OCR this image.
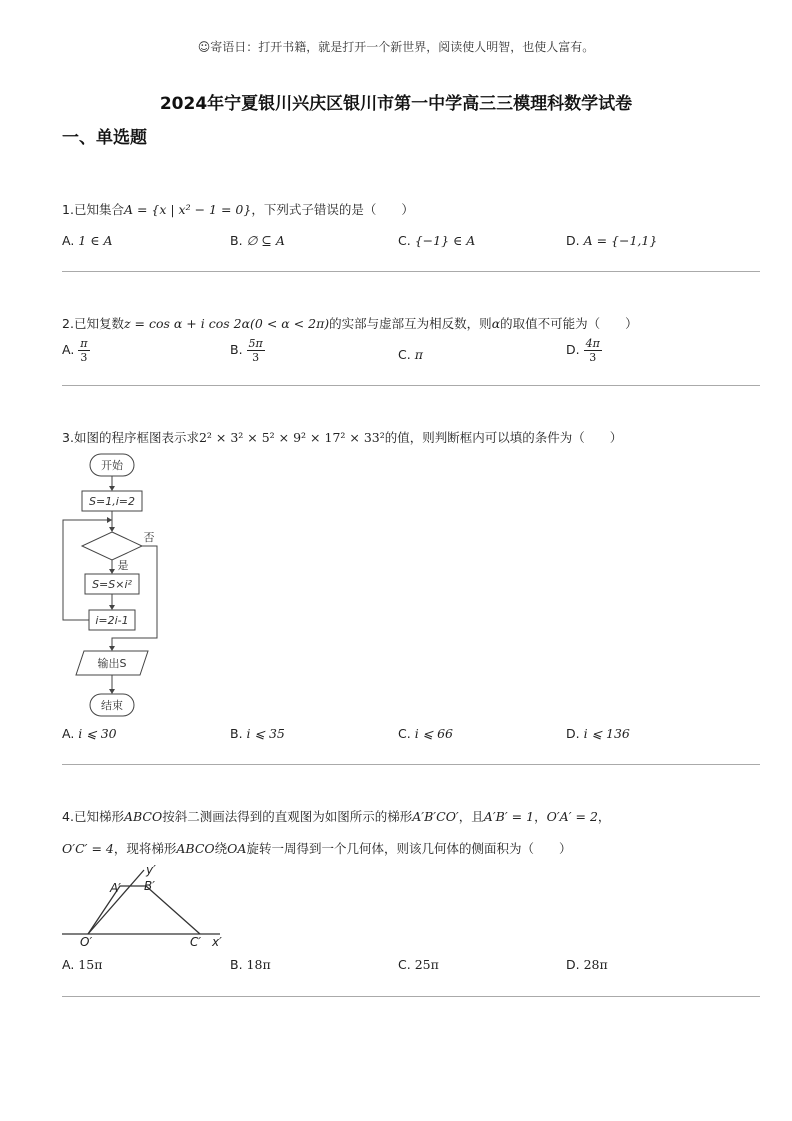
☺寄语日：打开书籍，就是打开一个新世界，阅读使人明智，也使人富有。
2024年宁夏银川兴庆区银川市第一中学高三三模理科数学试卷
一、单选题
1.已知集合A = {x | x² − 1 = 0}，下列式子错误的是（　　）
A. 1 ∈ A	B. ∅ ⊆ A	C. {−1} ∈ A	D. A = {−1,1}
2.已知复数z = cos α + i cos 2α(0 < α < 2π)的实部与虚部互为相反数，则α的取值不可能为（　　）
A. $\frac{\pi}{3}$	B. $\frac{5\pi}{3}$	C. π	D. $\frac{4\pi}{3}$
3.如图的程序框图表示求2² × 3² × 5² × 9² × 17² × 33²的值，则判断框内可以填的条件为（　　）
开始
S=1,i=2
否
是
S=S×i²
i=2i-1
输出S
结束
A. i ⩽ 30	B. i ⩽ 35	C. i ⩽ 66	D. i ⩽ 136
4.已知梯形ABCO按斜二测画法得到的直观图为如图所示的梯形A′B′CO′，且A′B′ = 1，O′A′ = 2，
O′C′ = 4，现将梯形ABCO绕OA旋转一周得到一个几何体，则该几何体的侧面积为（　　）
y′
A′ B′
O′	C′ x′
A. 15π	B. 18π	C. 25π	D. 28π
